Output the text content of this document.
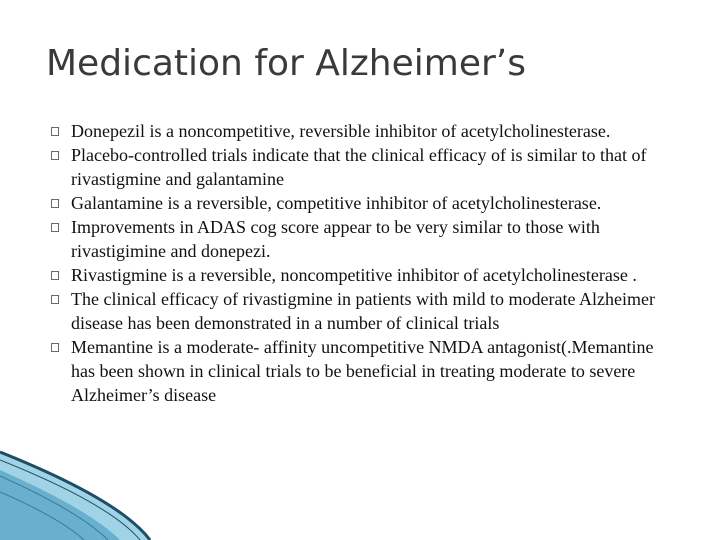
Medication for Alzheimer’s
Donepezil is a noncompetitive, reversible inhibitor of acetylcholinesterase.
Placebo-controlled trials indicate that the clinical efficacy of is similar to that of rivastigmine and galantamine
Galantamine is a reversible, competitive inhibitor of acetylcholinesterase.
Improvements in ADAS cog score appear to be very similar to those with rivastigimine and donepezi.
Rivastigmine is a reversible, noncompetitive inhibitor of acetylcholinesterase .
The clinical efficacy of rivastigmine in patients with mild to moderate Alzheimer disease has been demonstrated in a number of clinical trials
Memantine is a moderate- affinity uncompetitive NMDA antagonist(.Memantine has been shown in clinical trials to be beneficial in treating moderate to severe Alzheimer’s disease
